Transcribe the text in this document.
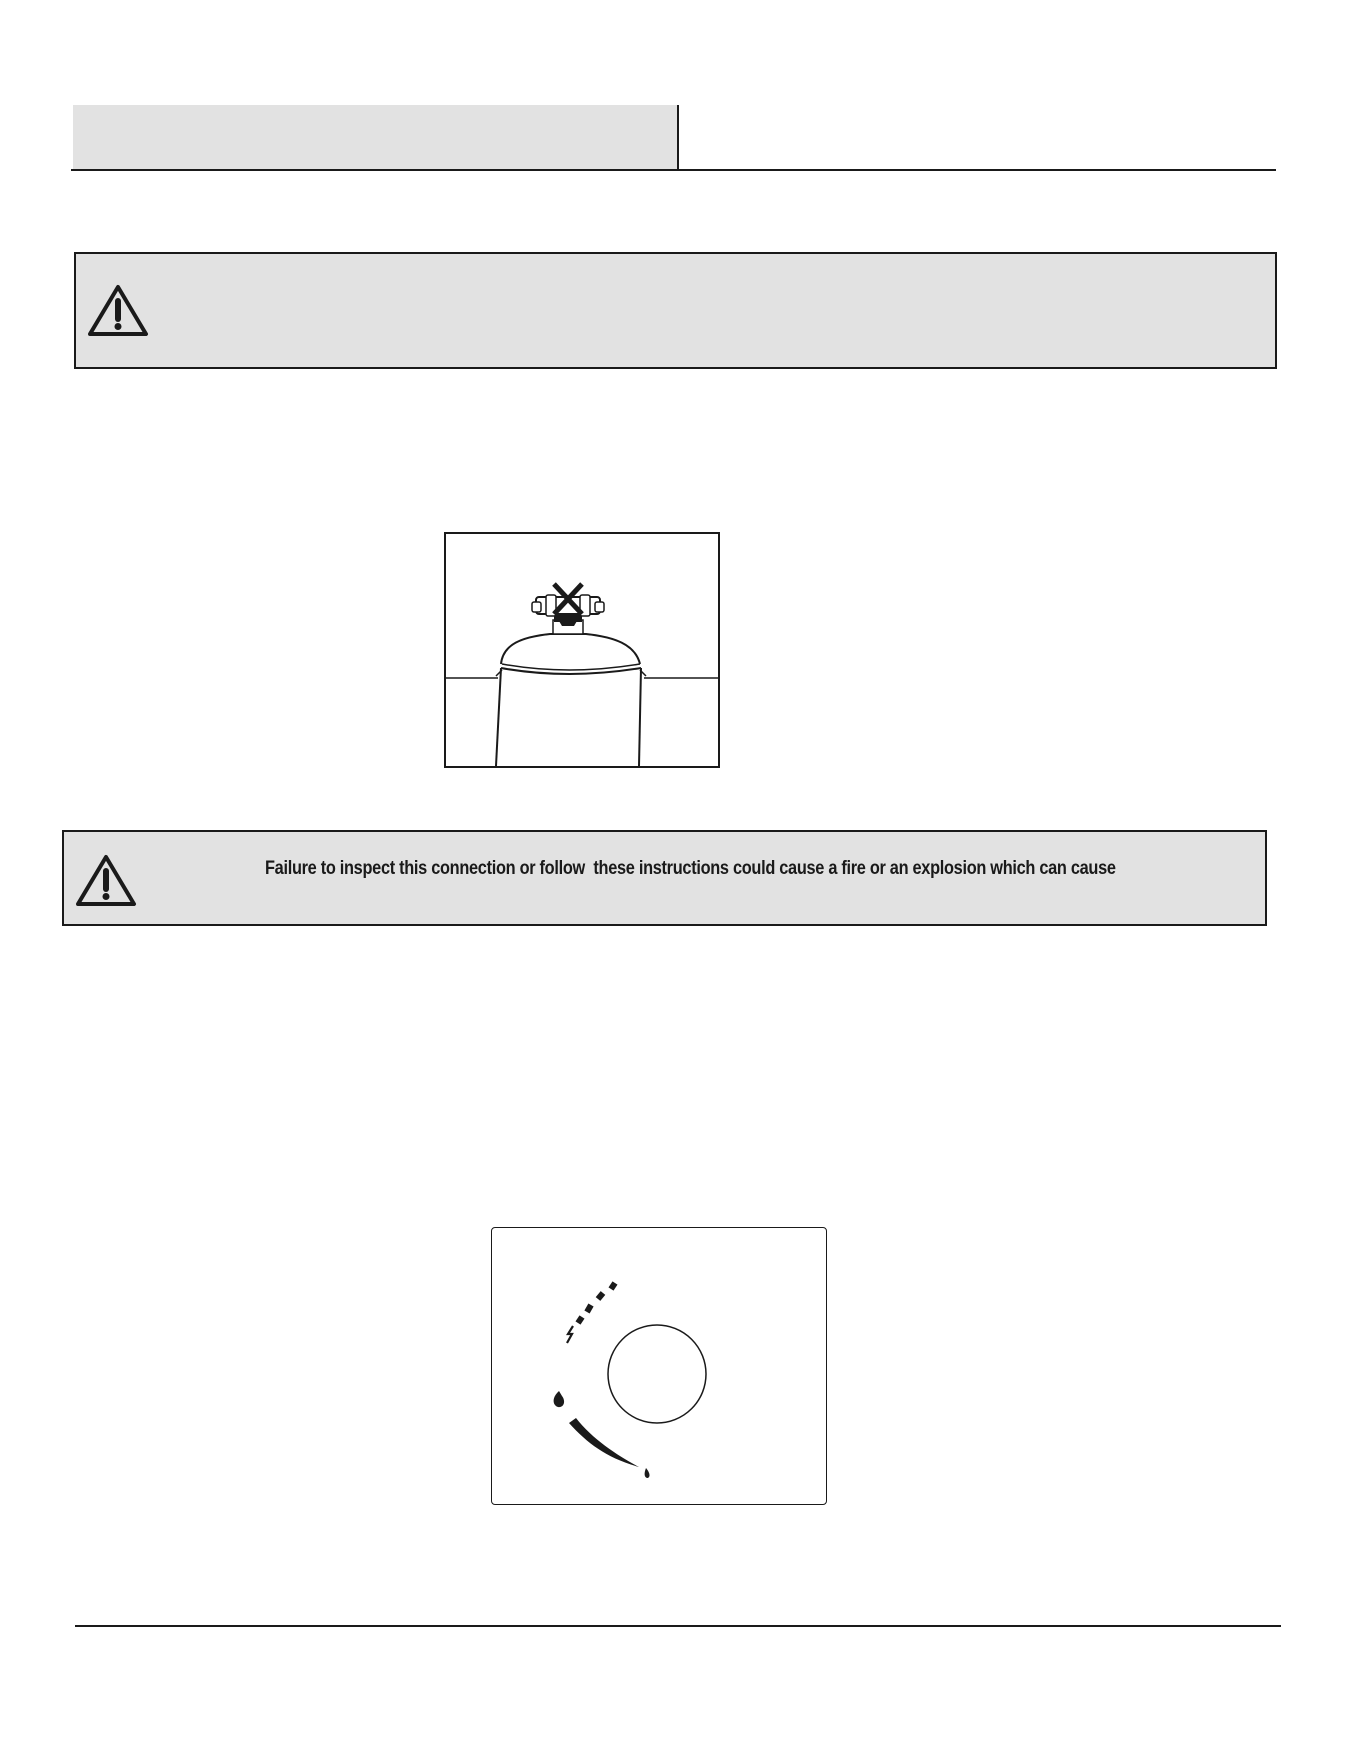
Failure to inspect this connection or follow  these instructions could cause a fire or an explosion which can cause
